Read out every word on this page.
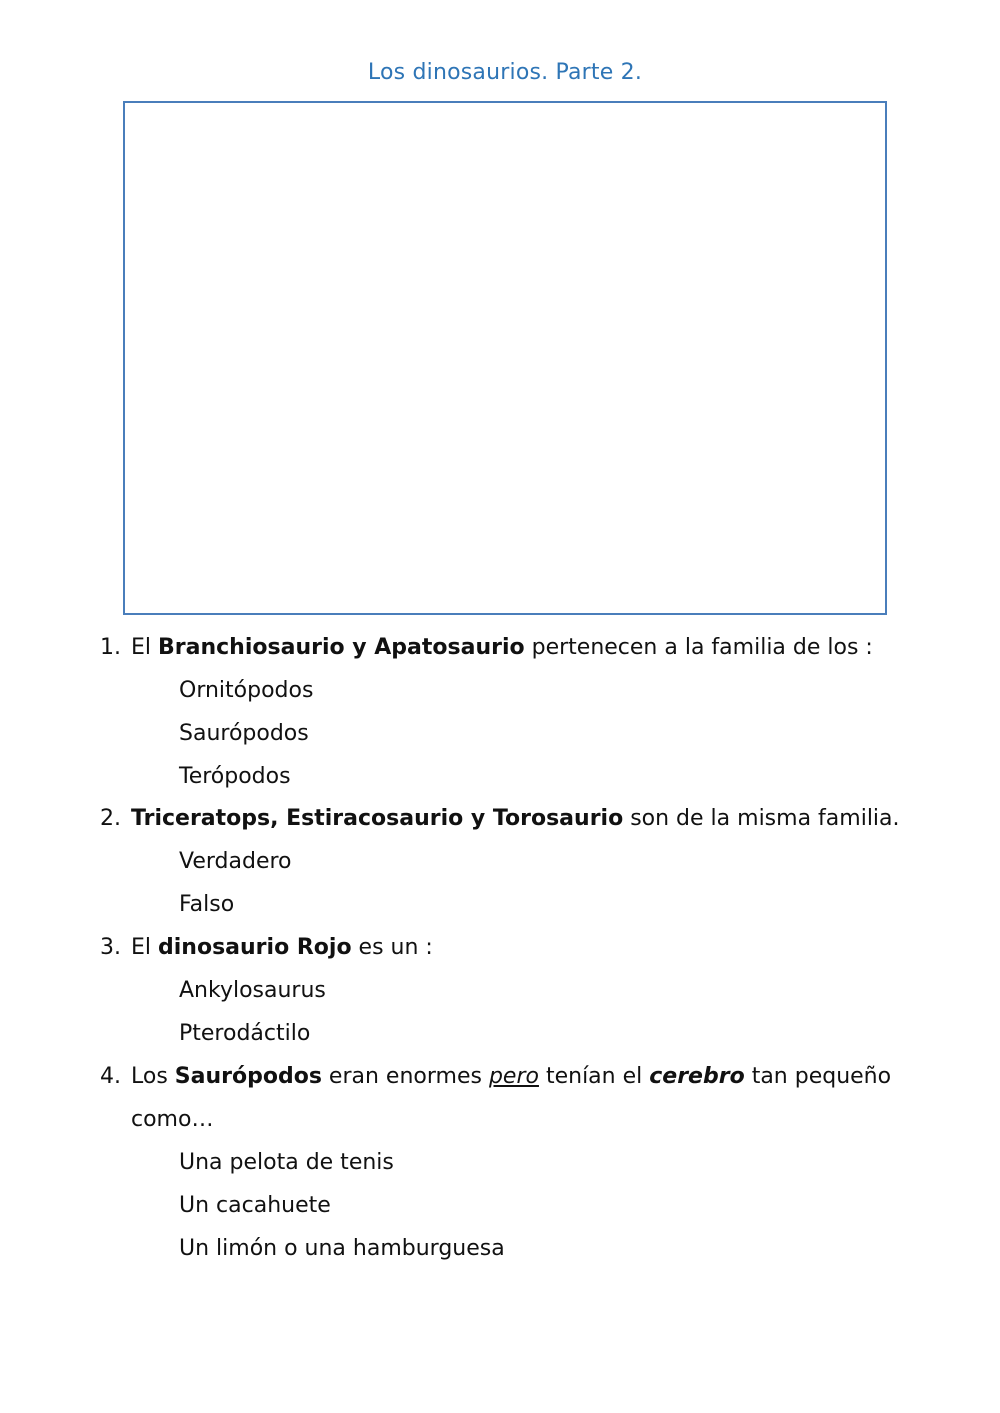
Los dinosaurios. Parte 2.
1. El Branchiosaurio y Apatosaurio pertenecen a la familia de los :
Ornitópodos
Saurópodos
Terópodos
2. Triceratops, Estiracosaurio y Torosaurio son de la misma familia.
Verdadero
Falso
3. El dinosaurio Rojo es un :
Ankylosaurus
Pterodáctilo
4. Los Saurópodos eran enormes pero tenían el cerebro tan pequeño como…
Una pelota de tenis
Un cacahuete
Un limón o una hamburguesa
